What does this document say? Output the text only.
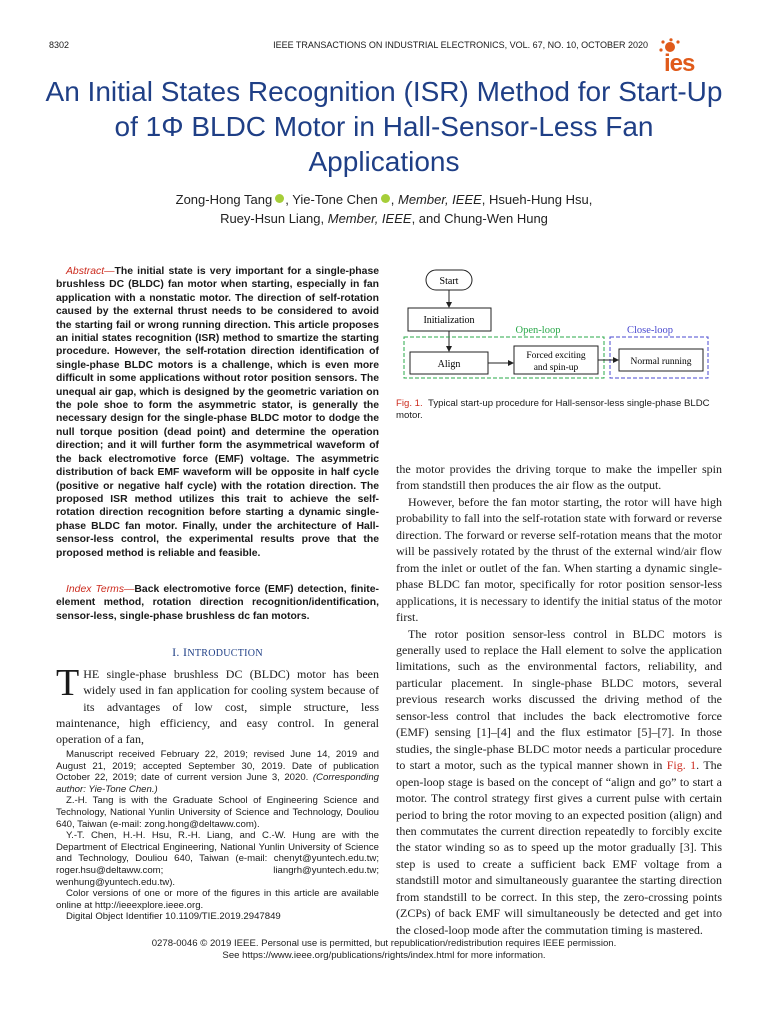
8302	IEEE TRANSACTIONS ON INDUSTRIAL ELECTRONICS, VOL. 67, NO. 10, OCTOBER 2020
ies
An Initial States Recognition (ISR) Method for Start-Up of 1Φ BLDC Motor in Hall-Sensor-Less Fan Applications
Zong-Hong Tang , Yie-Tone Chen , Member, IEEE, Hsueh-Hung Hsu,
Ruey-Hsun Liang, Member, IEEE, and Chung-Wen Hung

Abstract—The initial state is very important for a single-phase brushless DC (BLDC) fan motor when starting, especially in fan application with a nonstatic motor. The direction of self-rotation caused by the external thrust needs to be considered to avoid the starting fail or wrong running direction. This article proposes an initial states recognition (ISR) method to smartize the starting procedure. However, the self-rotation direction identification of single-phase BLDC motors is a challenge, which is even more difficult in some applications without rotor position sensors. The unequal air gap, which is designed by the geometric variation on the pole shoe to form the asymmetric stator, is generally the necessary design for the single-phase BLDC motor to dodge the null torque position (dead point) and determine the operation direction; and it will further form the asymmetrical waveform of the back electromotive force (EMF) voltage. The asymmetric distribution of back EMF waveform will be opposite in half cycle (positive or negative half cycle) with the rotation direction. The proposed ISR method utilizes this trait to achieve the self-rotation direction recognition before starting a dynamic single-phase BLDC fan motor. Finally, under the architecture of Hall-sensor-less control, the experimental results prove that the proposed method is reliable and feasible.

Index Terms—Back electromotive force (EMF) detection, finite-element method, rotation direction recognition/identification, sensor-less, single-phase brushless dc fan motors.

I. INTRODUCTION

THE single-phase brushless DC (BLDC) motor has been widely used in fan application for cooling system because of its advantages of low cost, simple structure, less maintenance, high efficiency, and easy control. In general operation of a fan,

Manuscript received February 22, 2019; revised June 14, 2019 and August 21, 2019; accepted September 30, 2019. Date of publication October 22, 2019; date of current version June 3, 2020. (Corresponding author: Yie-Tone Chen.)

Z.-H. Tang is with the Graduate School of Engineering Science and Technology, National Yunlin University of Science and Technology, Douliou 640, Taiwan (e-mail: zong.hong@deltaww.com).

Y.-T. Chen, H.-H. Hsu, R.-H. Liang, and C.-W. Hung are with the Department of Electrical Engineering, National Yunlin University of Science and Technology, Douliou 640, Taiwan (e-mail: chenyt@yuntech.edu.tw; roger.hsu@deltaww.com; liangrh@yuntech.edu.tw; wenhung@yuntech.edu.tw).

Color versions of one or more of the figures in this article are available online at http://ieeexplore.ieee.org.

Digital Object Identifier 10.1109/TIE.2019.2947849

Start
Initialization
Open-loop	Close-loop
Align
Forced exciting
and spin-up
Normal running
Fig. 1. Typical start-up procedure for Hall-sensor-less single-phase BLDC motor.

the motor provides the driving torque to make the impeller spin from standstill then produces the air flow as the output.

However, before the fan motor starting, the rotor will have high probability to fall into the self-rotation state with forward or reverse direction. The forward or reverse self-rotation means that the motor will be passively rotated by the thrust of the external wind/air flow from the inlet or outlet of the fan. When starting a dynamic single-phase BLDC fan motor, specifically for rotor position sensor-less applications, it is necessary to identify the initial status of the motor first.

The rotor position sensor-less control in BLDC motors is generally used to replace the Hall element to solve the application limitations, such as the environmental factors, reliability, and particular placement. In single-phase BLDC motors, several previous research works discussed the driving method of the sensor-less control that includes the back electromotive force (EMF) sensing [1]–[4] and the flux estimator [5]–[7]. In those studies, the single-phase BLDC motor needs a particular procedure to start a motor, such as the typical manner shown in Fig. 1. The open-loop stage is based on the concept of “align and go” to start a motor. The control strategy first gives a current pulse with certain period to bring the rotor moving to an expected position (align) and then commutates the current direction repeatedly to forcibly excite the stator winding so as to speed up the motor gradually [3]. This step is used to create a sufficient back EMF voltage from a standstill motor and simultaneously guarantee the starting direction from standstill to be correct. In this step, the zero-crossing points (ZCPs) of back EMF will simultaneously be detected and get into the closed-loop mode after the commutation timing is mastered.

0278-0046 © 2019 IEEE. Personal use is permitted, but republication/redistribution requires IEEE permission.
See https://www.ieee.org/publications/rights/index.html for more information.
